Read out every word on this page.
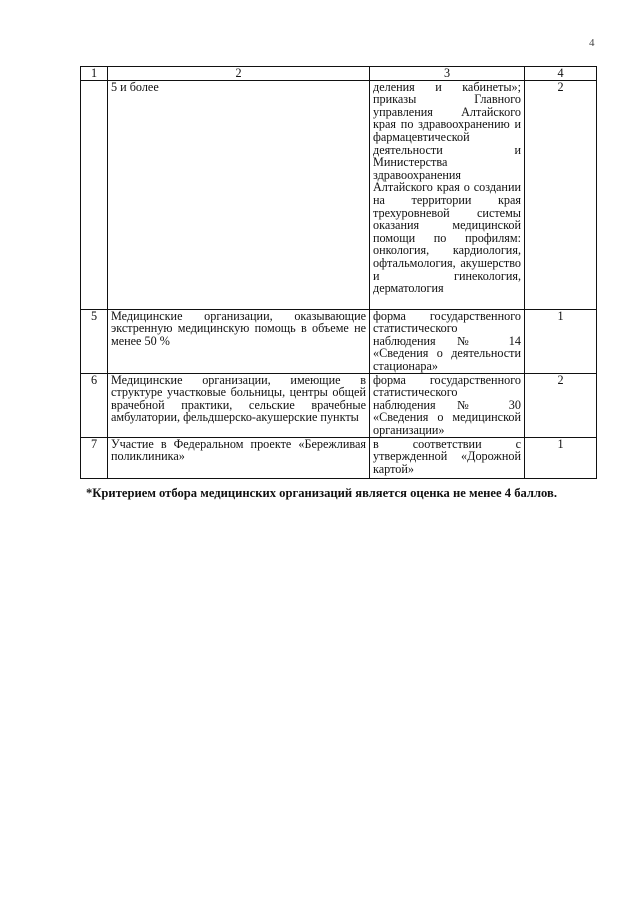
4
1	2	3	4
	5 и более	деления и кабинеты»; приказы Главного управления Алтайского края по здравоохранению и фармацевтической деятельности и Министерства здравоохранения Алтайского края о создании на территории края трехуровневой системы оказания медицинской помощи по профилям: онкология, кардиология, офтальмология, акушерство и гинекология, дерматология	2
5	Медицинские организации, оказывающие экстренную медицинскую помощь в объеме не менее 50 %	форма государственного статистического наблюдения № 14 «Сведения о деятельности стационара»	1
6	Медицинские организации, имеющие в структуре участковые больницы, центры общей врачебной практики, сельские врачебные амбулатории, фельдшерско-акушерские пункты	форма государственного статистического наблюдения № 30 «Сведения о медицинской организации»	2
7	Участие в Федеральном проекте «Бережливая поликлиника»	в соответствии с утвержденной «Дорожной картой»	1
*Критерием отбора медицинских организаций является оценка не менее 4 баллов.
